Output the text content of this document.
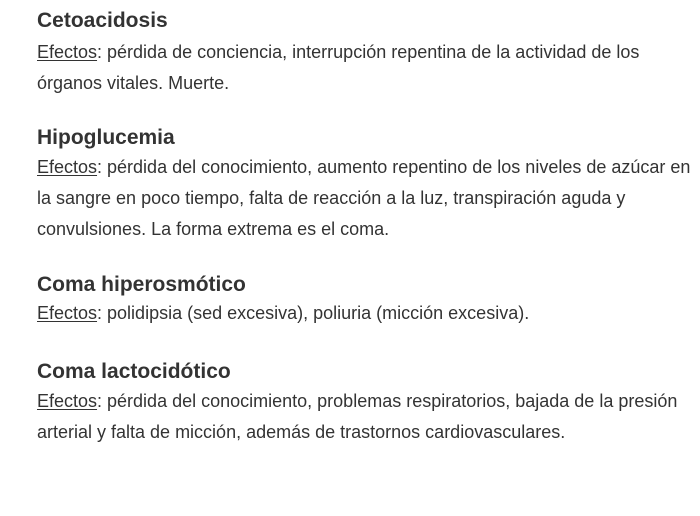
Cetoacidosis

Efectos: pérdida de conciencia, interrupción repentina de la actividad de los órganos vitales. Muerte.

Hipoglucemia

Efectos: pérdida del conocimiento, aumento repentino de los niveles de azúcar en la sangre en poco tiempo, falta de reacción a la luz, transpiración aguda y convulsiones. La forma extrema es el coma.

Coma hiperosmótico

Efectos: polidipsia (sed excesiva), poliuria (micción excesiva).

Coma lactocidótico

Efectos: pérdida del conocimiento, problemas respiratorios, bajada de la presión arterial y falta de micción, además de trastornos cardiovasculares.
